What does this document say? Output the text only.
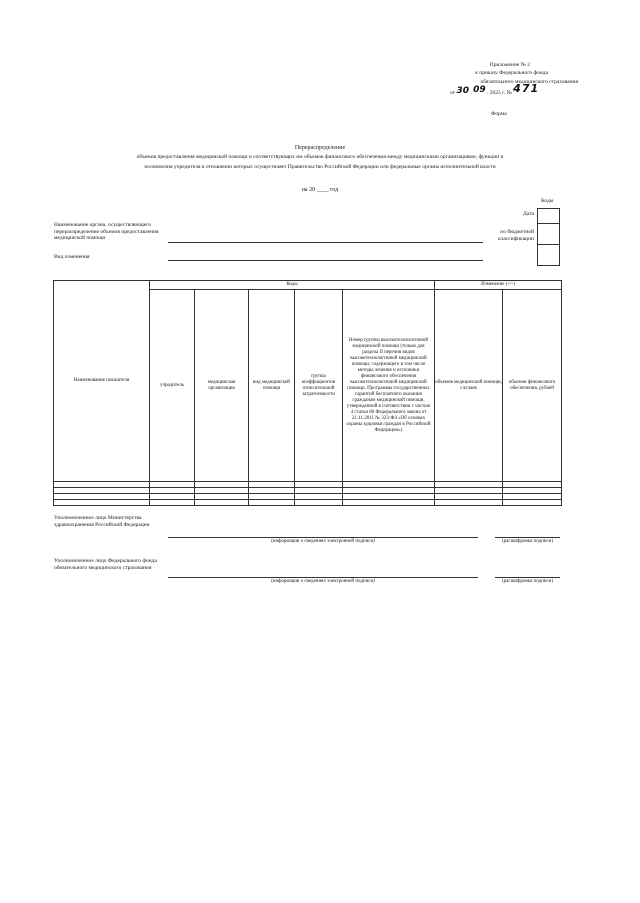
Приложение № 2
к приказу Федерального фонда
обязательного медицинского страхования
от 30 . 09 . 2025 г. № 471
Форма
Перераспределение
объемов предоставления медицинской помощи и соответствующих им объемов финансового обеспечения между медицинскими организациями, функции и
полномочия учредителя в отношении которых осуществляет Правительство Российской Федерации или федеральные органы исполнительной власти
на 20 ____ год
Коды
Дата
по бюджетной классификации

Наименование органа, осуществляющего перераспределение объемов предоставления медицинской помощи
Вид изменения
Наименование показателя	Коды					Изменение (+/-)	
	учредитель	медицинская организация	вид медицинской помощи	группа коэффициентов относительной затратоемкости	Номер группы высокотехнологичной медицинской помощи (только для раздела II перечня видов высокотехнологичной медицинской помощи, содержащего в том числе методы лечения и источники финансового обеспечения высокотехнологичной медицинской помощи, Программы государственных гарантий бесплатного оказания гражданам медицинской помощи, утвержденной в соответствии с частью 4 статьи 80 Федерального закона от 21.11.2011 № 323-ФЗ «Об основах охраны здоровья граждан в Российской Федерации»)	объемов медицинской помощи, случаев	объемов финансового обеспечения, рублей

Уполномоченное лицо Министерства здравоохранения Российской Федерации
(информация о сведениях электронной подписи)	(расшифровка подписи)
Уполномоченное лицо Федерального фонда обязательного медицинского страхования
(информация о сведениях электронной подписи)	(расшифровка подписи)
